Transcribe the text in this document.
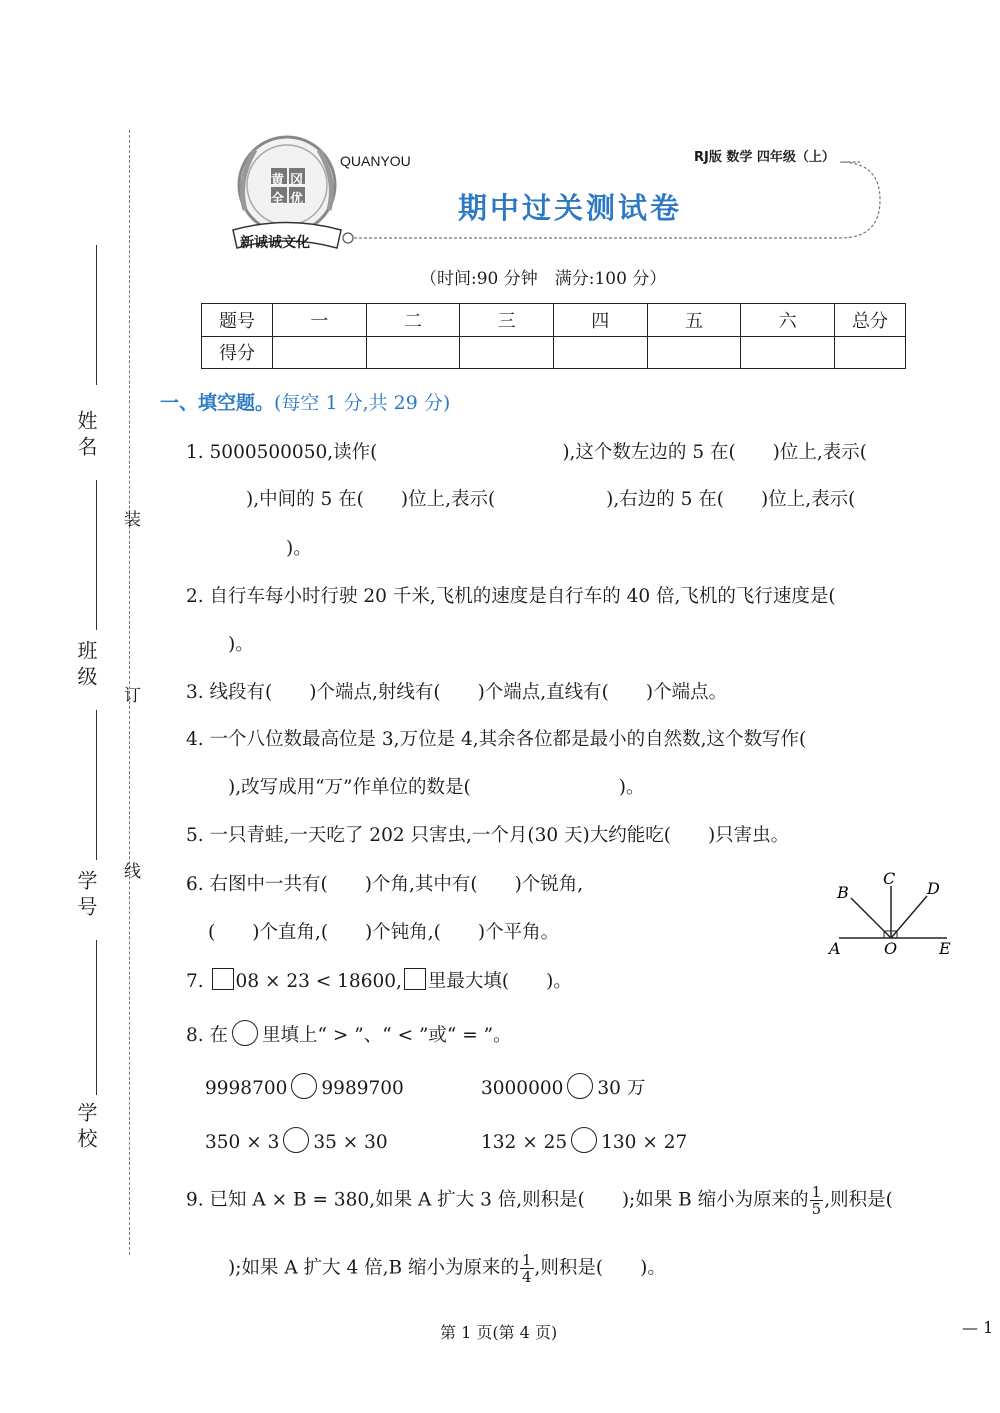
姓名
班级
学号
学校
装
订
线
黄冈
全优
新诚诚文化
QUANYOU	RJ版 数学 四年级（上）
期中过关测试卷
（时间:90 分钟　满分:100 分）
题号	一	二	三	四	五	六	总分
得分							
一、填空题。(每空 1 分,共 29 分)
1. 5000500050,读作(　　　　　　　　　　),这个数左边的 5 在(　　)位上,表示(
),中间的 5 在(　　)位上,表示(　　　　　　),右边的 5 在(　　)位上,表示(
)。
2. 自行车每小时行驶 20 千米,飞机的速度是自行车的 40 倍,飞机的飞行速度是(
)。
3. 线段有(　　)个端点,射线有(　　)个端点,直线有(　　)个端点。
4. 一个八位数最高位是 3,万位是 4,其余各位都是最小的自然数,这个数写作(
),改写成用“万”作单位的数是(　　　　　　　　)。
5. 一只青蛙,一天吃了 202 只害虫,一个月(30 天)大约能吃(　　)只害虫。
6. 右图中一共有(　　)个角,其中有(　　)个锐角,
(　　)个直角,(　　)个钝角,(　　)个平角。
A
B
C
D
O	E
7. 08 × 23 < 18600, 里最大填(　　)。
8. 在 里填上“ > ”、“ < ”或“ = ”。
9998700 9989700	3000000 30 万
350 × 3 35 × 30	132 × 25 130 × 27
9. 已知 A × B = 380,如果 A 扩大 3 倍,则积是(　　);如果 B 缩小为原来的 $\frac{1}{5}$ ,则积是(
);如果 A 扩大 4 倍,B 缩小为原来的 $\frac{1}{4}$ ,则积是(　　)。
第 1 页(第 4 页)	— 1
